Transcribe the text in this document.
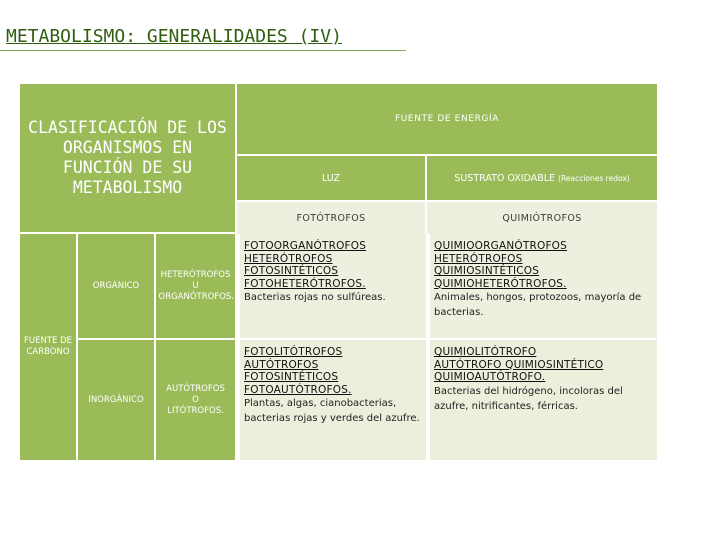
METABOLISMO: GENERALIDADES (IV)
CLASIFICACIÓN DE LOS ORGANISMOS EN FUNCIÓN DE SU METABOLISMO
FUENTE DE ENERGÍA
LUZ	SUSTRATO OXIDABLE (Reacciones redox)
FOTÓTROFOS	QUIMIÓTROFOS
FUENTE DE CARBONO
ORGÁNICO
INORGÁNICO
HETERÓTROFOS U ORGANÓTROFOS.
AUTÓTROFOS O LITÓTROFOS.
FOTOORGANÓTROFOS
HETERÓTROFOS
FOTOSINTÉTICOS
FOTOHETERÓTROFOS.
Bacterias rojas no sulfúreas.
QUIMIOORGANÓTROFOS
HETERÓTROFOS
QUIMIOSINTÉTICOS
QUIMIOHETERÓTROFOS.
Animales, hongos, protozoos, mayoría de bacterias.
FOTOLITÓTROFOS
AUTÓTROFOS
FOTOSINTÉTICOS
FOTOAUTÓTROFOS.
Plantas, algas, cianobacterias, bacterias rojas y verdes del azufre.
QUIMIOLITÓTROFO
AUTÓTROFO QUIMIOSINTÉTICO
QUIMIOAUTÓTROFO.
Bacterias del hidrógeno, incoloras del azufre, nitrificantes, férricas.
